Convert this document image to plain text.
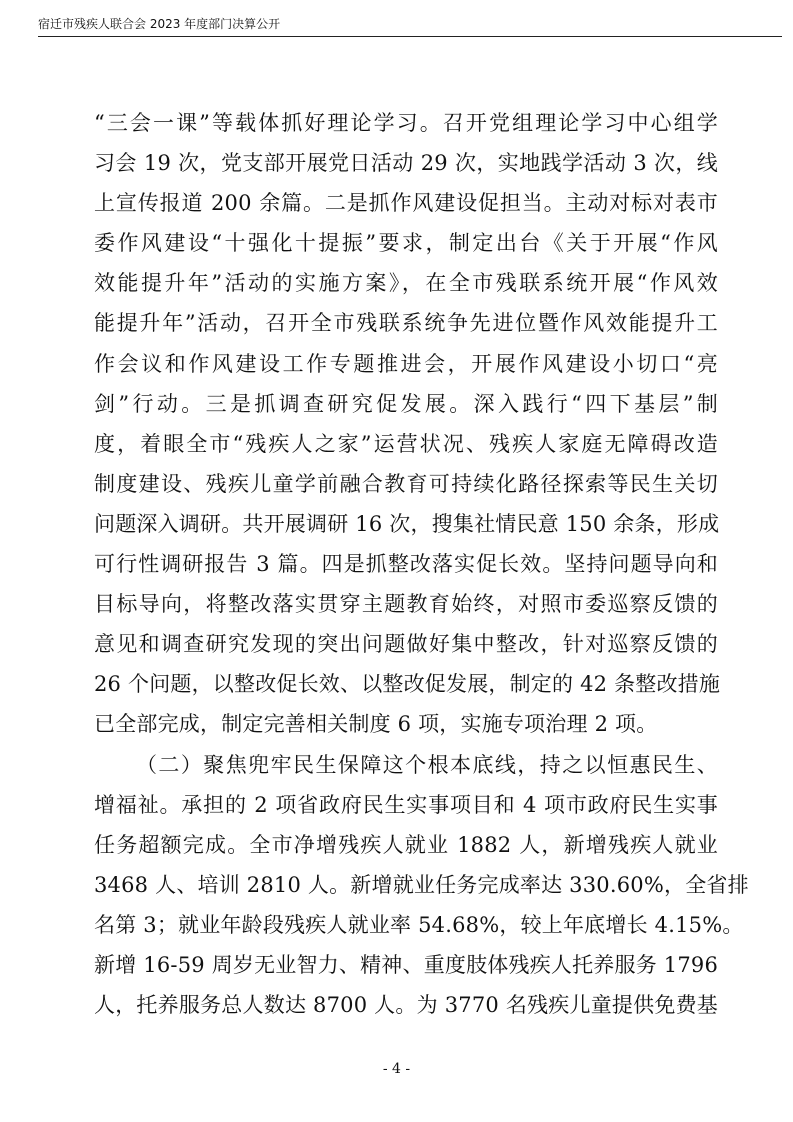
宿迁市残疾人联合会 2023 年度部门决算公开
“三会一课”等载体抓好理论学习。召开党组理论学习中心组学
习会 19 次，党支部开展党日活动 29 次，实地践学活动 3 次，线
上宣传报道 200 余篇。二是抓作风建设促担当。主动对标对表市
委作风建设“十强化十提振”要求，制定出台《关于开展“作风
效能提升年”活动的实施方案》，在全市残联系统开展“作风效
能提升年”活动，召开全市残联系统争先进位暨作风效能提升工
作会议和作风建设工作专题推进会，开展作风建设小切口“亮
剑”行动。三是抓调查研究促发展。深入践行“四下基层”制
度，着眼全市“残疾人之家”运营状况、残疾人家庭无障碍改造
制度建设、残疾儿童学前融合教育可持续化路径探索等民生关切
问题深入调研。共开展调研 16 次，搜集社情民意 150 余条，形成
可行性调研报告 3 篇。四是抓整改落实促长效。坚持问题导向和
目标导向，将整改落实贯穿主题教育始终，对照市委巡察反馈的
意见和调查研究发现的突出问题做好集中整改，针对巡察反馈的
26 个问题，以整改促长效、以整改促发展，制定的 42 条整改措施
已全部完成，制定完善相关制度 6 项，实施专项治理 2 项。
（二）聚焦兜牢民生保障这个根本底线，持之以恒惠民生、
增福祉。承担的 2 项省政府民生实事项目和 4 项市政府民生实事
任务超额完成。全市净增残疾人就业 1882 人，新增残疾人就业
3468 人、培训 2810 人。新增就业任务完成率达 330.60%，全省排
名第 3；就业年龄段残疾人就业率 54.68%，较上年底增长 4.15%。
新增 16-59 周岁无业智力、精神、重度肢体残疾人托养服务 1796
人，托养服务总人数达 8700 人。为 3770 名残疾儿童提供免费基
- 4 -
